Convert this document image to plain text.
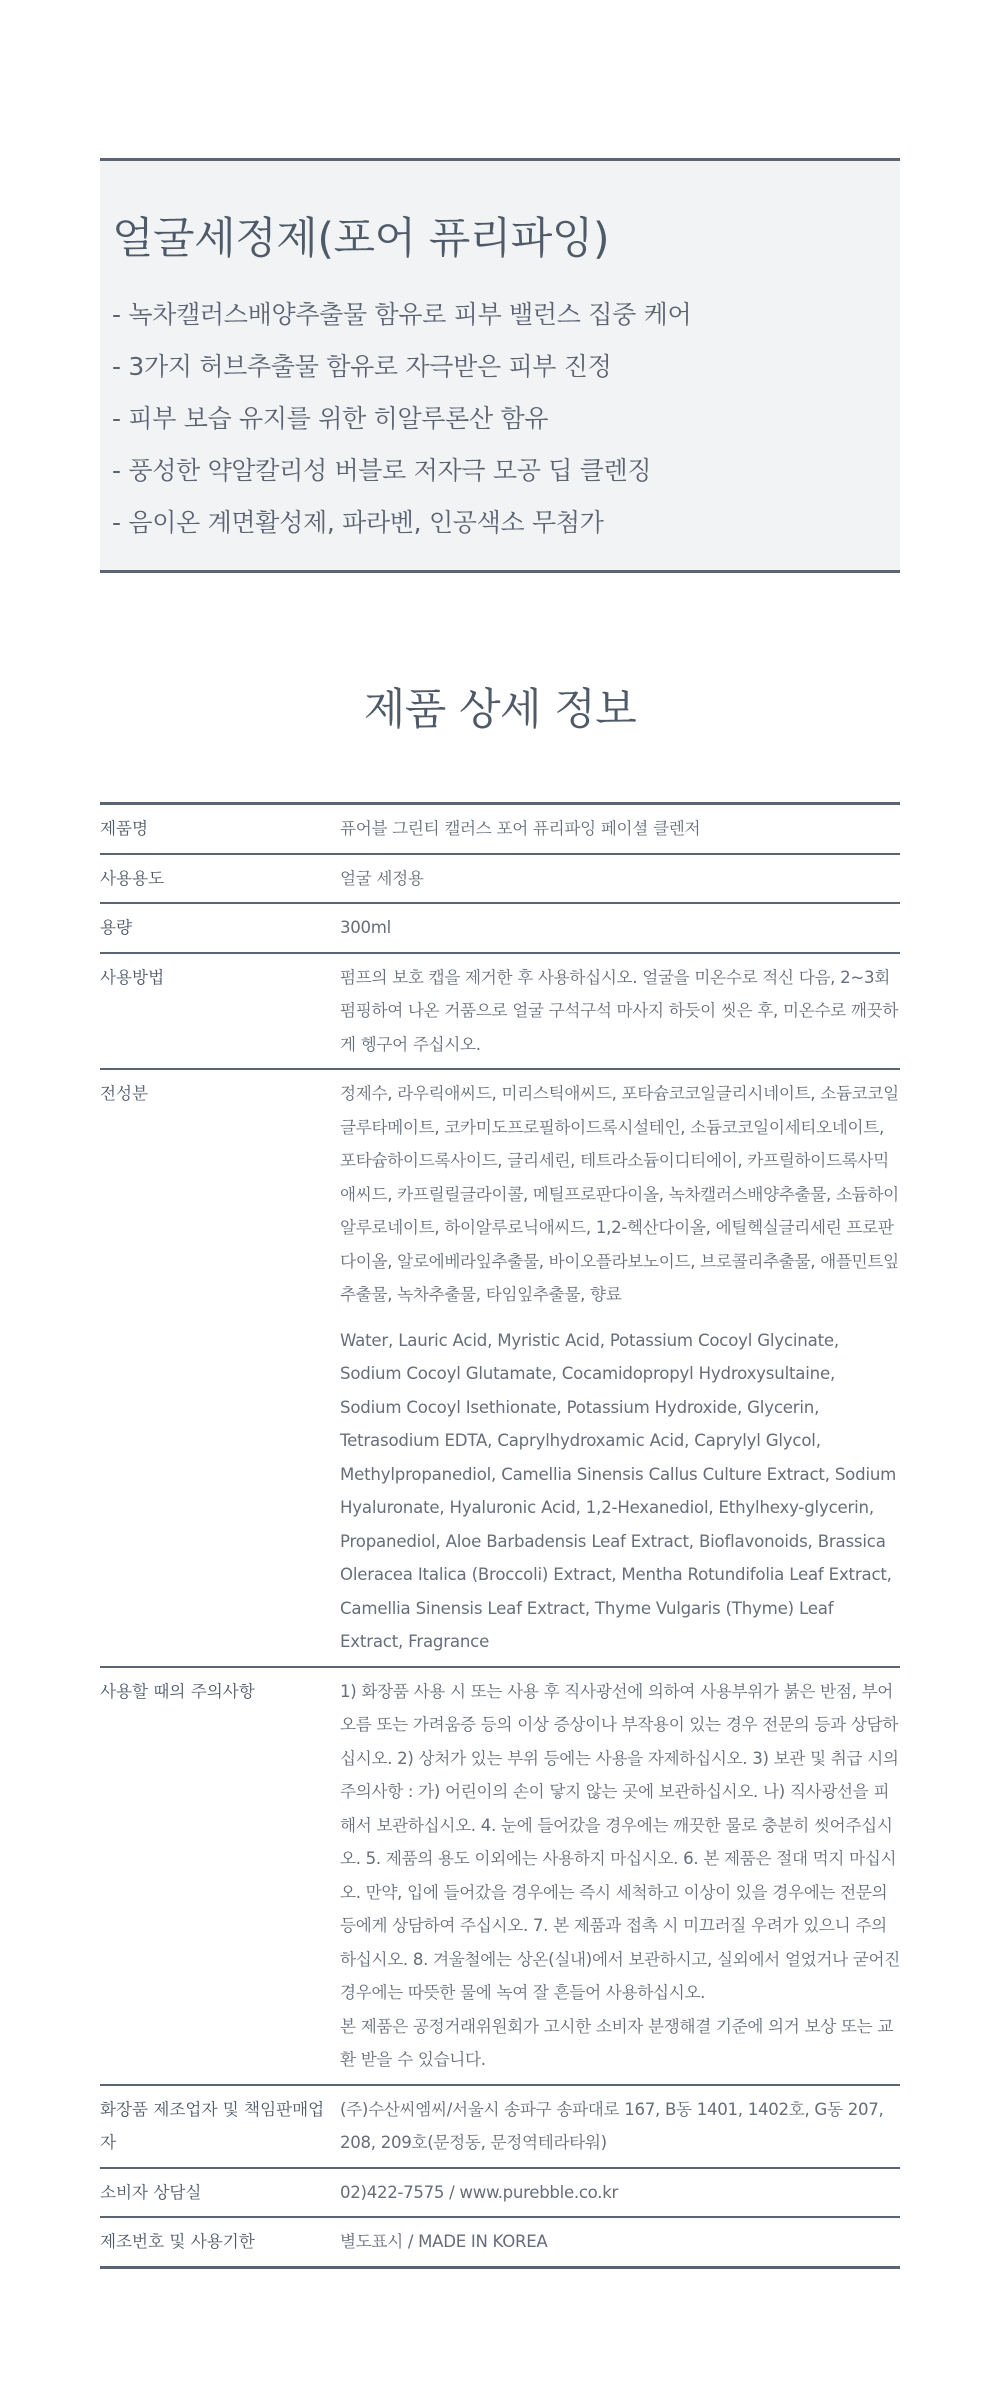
얼굴세정제(포어 퓨리파잉)
- 녹차캘러스배양추출물 함유로 피부 밸런스 집중 케어
- 3가지 허브추출물 함유로 자극받은 피부 진정
- 피부 보습 유지를 위한 히알루론산 함유
- 풍성한 약알칼리성 버블로 저자극 모공 딥 클렌징
- 음이온 계면활성제, 파라벤, 인공색소 무첨가
제품 상세 정보
제품명	퓨어블 그린티 캘러스 포어 퓨리파잉 페이셜 클렌저
사용용도	얼굴 세정용
용량	300ml
사용방법	펌프의 보호 캡을 제거한 후 사용하십시오. 얼굴을 미온수로 적신 다음, 2~3회 펌핑하여 나온 거품으로 얼굴 구석구석 마사지 하듯이 씻은 후, 미온수로 깨끗하게 헹구어 주십시오.
전성분	정제수, 라우릭애씨드, 미리스틱애씨드, 포타슘코코일글리시네이트, 소듐코코일글루타메이트, 코카미도프로필하이드록시설테인, 소듐코코일이세티오네이트, 포타슘하이드록사이드, 글리세린, 테트라소듐이디티에이, 카프릴하이드록사믹애씨드, 카프릴릴글라이콜, 메틸프로판다이올, 녹차캘러스배양추출물, 소듐하이알루로네이트, 하이알루로닉애씨드, 1,2-헥산다이올, 에틸헥실글리세린 프로판다이올, 알로에베라잎추출물, 바이오플라보노이드, 브로콜리추출물, 애플민트잎추출물, 녹차추출물, 타임잎추출물, 향료

Water, Lauric Acid, Myristic Acid, Potassium Cocoyl Glycinate, Sodium Cocoyl Glutamate, Cocamidopropyl Hydroxysultaine, Sodium Cocoyl Isethionate, Potassium Hydroxide, Glycerin, Tetrasodium EDTA, Caprylhydroxamic Acid, Caprylyl Glycol, Methylpropanediol, Camellia Sinensis Callus Culture Extract, Sodium Hyaluronate, Hyaluronic Acid, 1,2-Hexanediol, Ethylhexy-glycerin, Propanediol, Aloe Barbadensis Leaf Extract, Bioflavonoids, Brassica Oleracea Italica (Broccoli) Extract, Mentha Rotundifolia Leaf Extract, Camellia Sinensis Leaf Extract, Thyme Vulgaris (Thyme) Leaf Extract, Fragrance

사용할 때의 주의사항	1) 화장품 사용 시 또는 사용 후 직사광선에 의하여 사용부위가 붉은 반점, 부어오름 또는 가려움증 등의 이상 증상이나 부작용이 있는 경우 전문의 등과 상담하십시오. 2) 상처가 있는 부위 등에는 사용을 자제하십시오. 3) 보관 및 취급 시의 주의사항 : 가) 어린이의 손이 닿지 않는 곳에 보관하십시오. 나) 직사광선을 피해서 보관하십시오. 4. 눈에 들어갔을 경우에는 깨끗한 물로 충분히 씻어주십시오. 5. 제품의 용도 이외에는 사용하지 마십시오. 6. 본 제품은 절대 먹지 마십시오. 만약, 입에 들어갔을 경우에는 즉시 세척하고 이상이 있을 경우에는 전문의 등에게 상담하여 주십시오. 7. 본 제품과 접촉 시 미끄러질 우려가 있으니 주의하십시오. 8. 겨울철에는 상온(실내)에서 보관하시고, 실외에서 얼었거나 굳어진 경우에는 따뜻한 물에 녹여 잘 흔들어 사용하십시오.

본 제품은 공정거래위원회가 고시한 소비자 분쟁해결 기준에 의거 보상 또는 교환 받을 수 있습니다.

화장품 제조업자 및 책임판매업자	(주)수산씨엠씨/서울시 송파구 송파대로 167, B동 1401, 1402호, G동 207, 208, 209호(문정동, 문정역테라타워)
소비자 상담실	02)422-7575 / www.purebble.co.kr
제조번호 및 사용기한	별도표시 / MADE IN KOREA
